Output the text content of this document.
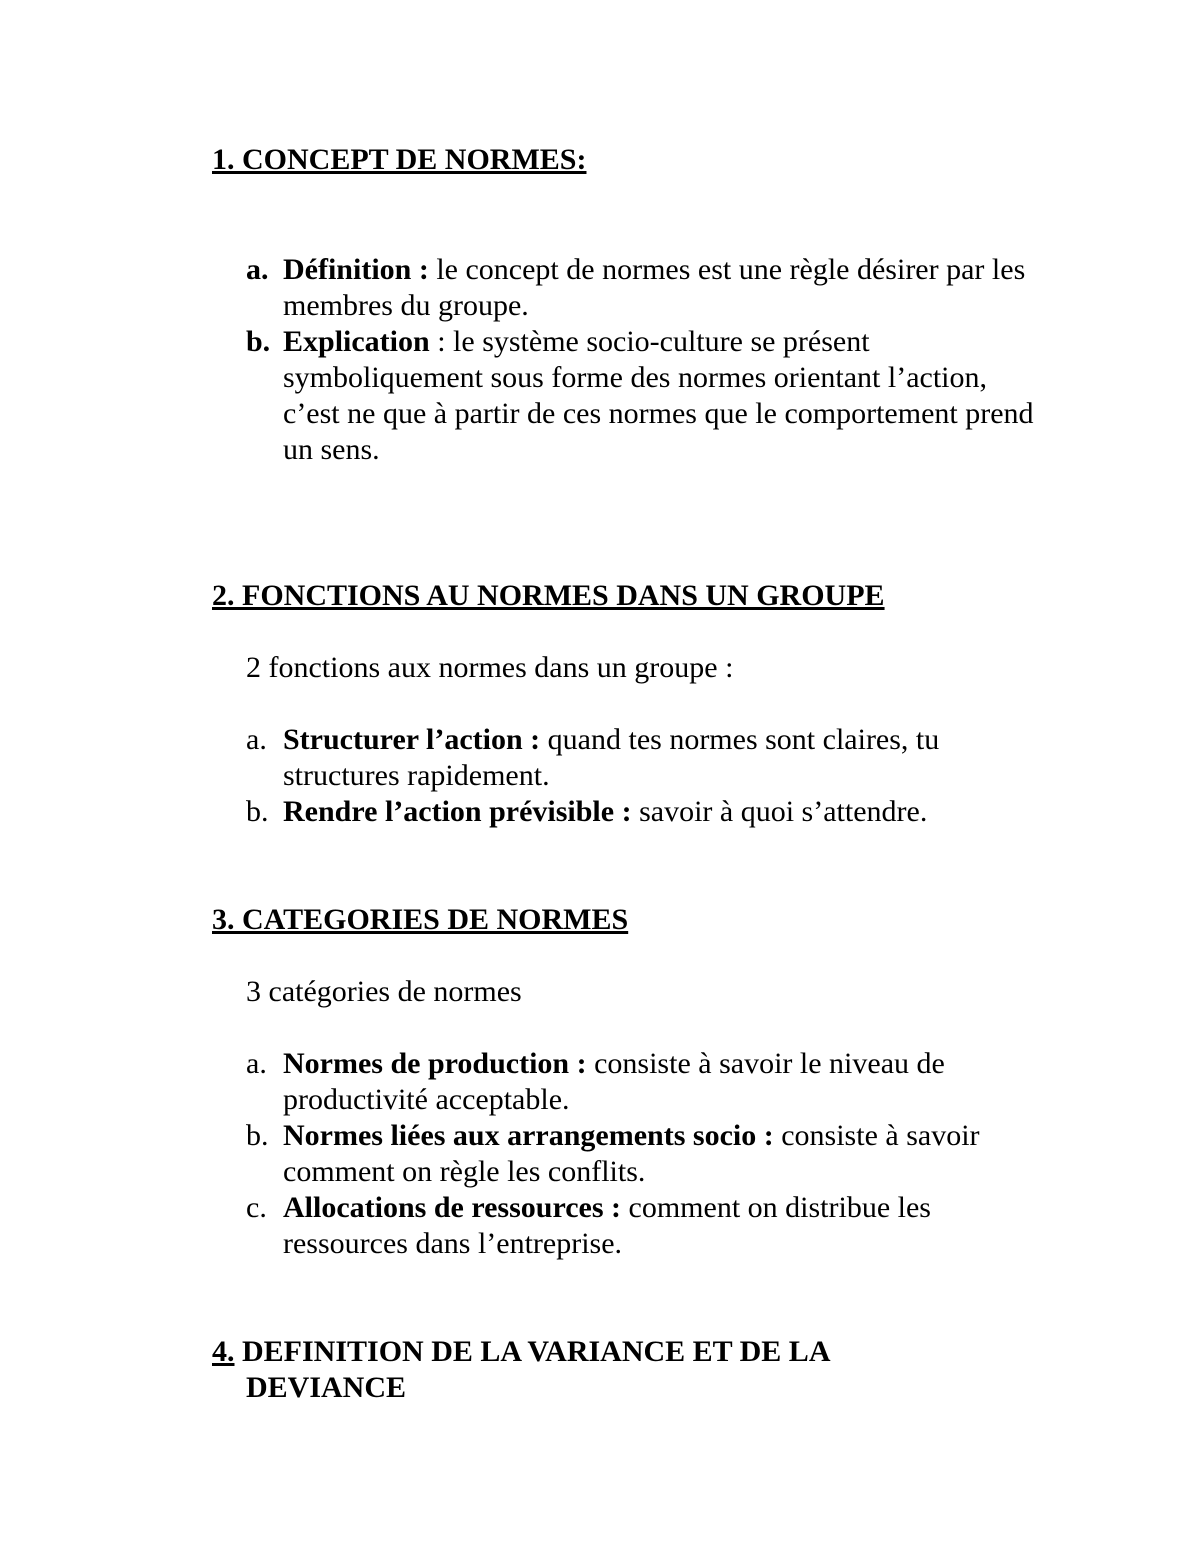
1. CONCEPT DE NORMES:
a. Définition : le concept de normes est une règle désirer par les membres du groupe.
b. Explication : le système socio-culture se présent symboliquement sous forme des normes orientant l’action, c’est ne que à partir de ces normes que le comportement prend un sens.
2. FONCTIONS AU NORMES DANS UN GROUPE

2 fonctions aux normes dans un groupe :

a. Structurer l’action : quand tes normes sont claires, tu structures rapidement.
b. Rendre l’action prévisible : savoir à quoi s’attendre.
3. CATEGORIES DE NORMES

3 catégories de normes

a. Normes de production : consiste à savoir le niveau de productivité acceptable.
b. Normes liées aux arrangements socio : consiste à savoir comment on règle les conflits.
c. Allocations de ressources : comment on distribue les ressources dans l’entreprise.
4. DEFINITION DE LA VARIANCE ET DE LA
DEVIANCE
